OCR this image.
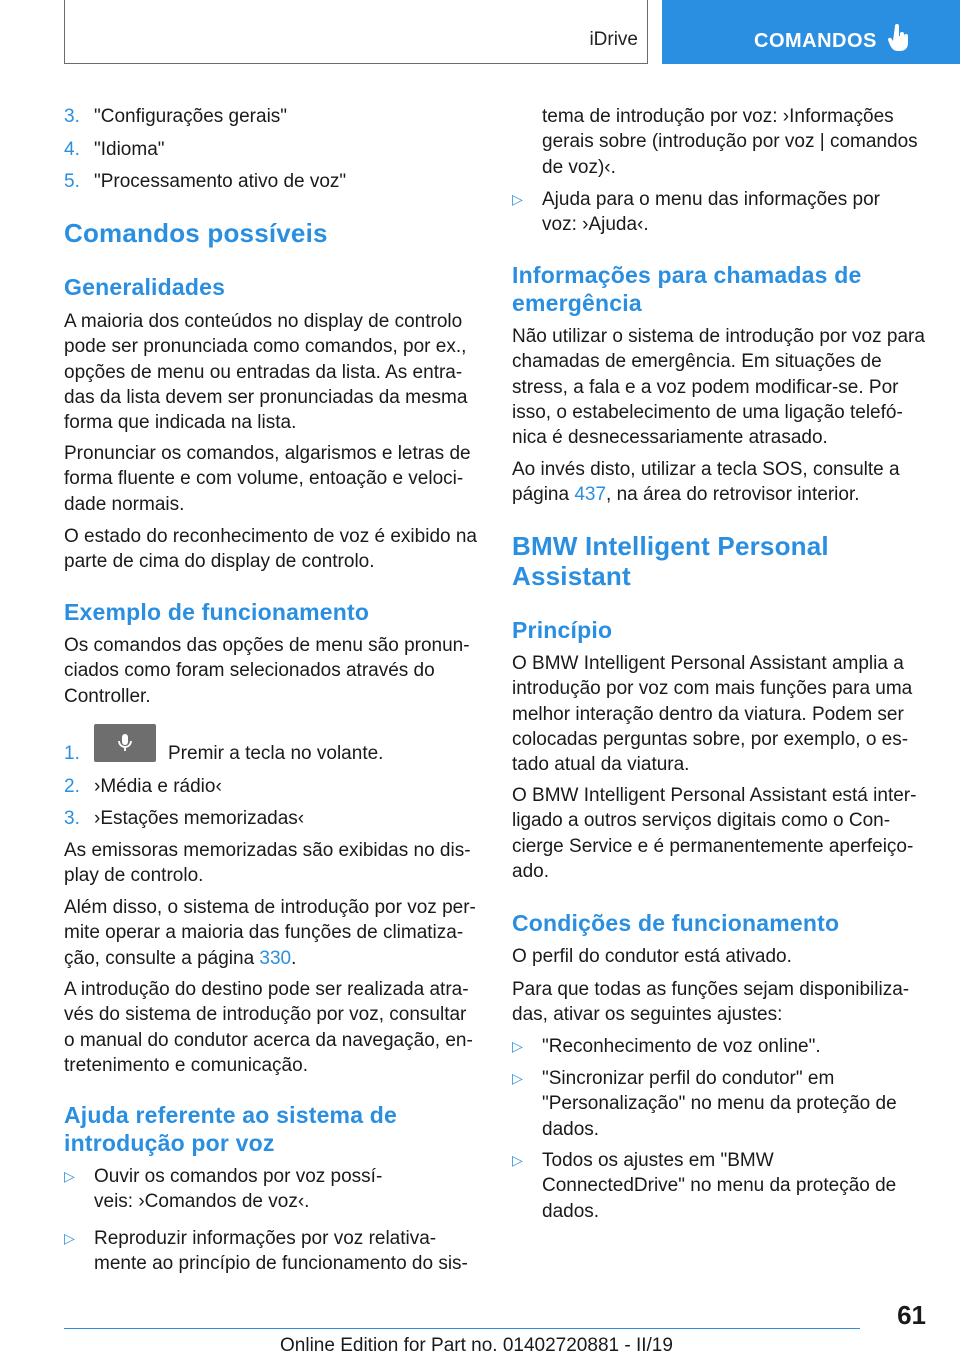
iDrive	COMANDOS
3. "Configurações gerais"
4. "Idioma"
5. "Processamento ativo de voz"
Comandos possíveis
Generalidades
A maioria dos conteúdos no display de controlo
pode ser pronunciada como comandos, por ex.,
opções de menu ou entradas da lista. As entra-
das da lista devem ser pronunciadas da mesma
forma que indicada na lista.
Pronunciar os comandos, algarismos e letras de
forma fluente e com volume, entoação e veloci-
dade normais.
O estado do reconhecimento de voz é exibido na
parte de cima do display de controlo.
Exemplo de funcionamento
Os comandos das opções de menu são pronun-
ciados como foram selecionados através do
Controller.
1.	Premir a tecla no volante.
2. ›Média e rádio‹
3. ›Estações memorizadas‹
As emissoras memorizadas são exibidas no dis-
play de controlo.
Além disso, o sistema de introdução por voz per-
mite operar a maioria das funções de climatiza-
ção, consulte a página 330.
A introdução do destino pode ser realizada atra-
vés do sistema de introdução por voz, consultar
o manual do condutor acerca da navegação, en-
tretenimento e comunicação.
Ajuda referente ao sistema de
introdução por voz
▷ Ouvir os comandos por voz possí-
veis: ›Comandos de voz‹.
▷ Reproduzir informações por voz relativa-
mente ao princípio de funcionamento do sis-
tema de introdução por voz: ›Informações
gerais sobre (introdução por voz | comandos
de voz)‹.
▷ Ajuda para o menu das informações por
voz: ›Ajuda‹.
Informações para chamadas de
emergência
Não utilizar o sistema de introdução por voz para
chamadas de emergência. Em situações de
stress, a fala e a voz podem modificar-se. Por
isso, o estabelecimento de uma ligação telefó-
nica é desnecessariamente atrasado.
Ao invés disto, utilizar a tecla SOS, consulte a
página 437, na área do retrovisor interior.
BMW Intelligent Personal
Assistant
Princípio
O BMW Intelligent Personal Assistant amplia a
introdução por voz com mais funções para uma
melhor interação dentro da viatura. Podem ser
colocadas perguntas sobre, por exemplo, o es-
tado atual da viatura.
O BMW Intelligent Personal Assistant está inter-
ligado a outros serviços digitais como o Con-
cierge Service e é permanentemente aperfeiço-
ado.
Condições de funcionamento
O perfil do condutor está ativado.
Para que todas as funções sejam disponibiliza-
das, ativar os seguintes ajustes:
▷ "Reconhecimento de voz online".
▷ "Sincronizar perfil do condutor" em
"Personalização" no menu da proteção de
dados.
▷ Todos os ajustes em "BMW
ConnectedDrive" no menu da proteção de
dados.
61
Online Edition for Part no. 01402720881 - II/19
